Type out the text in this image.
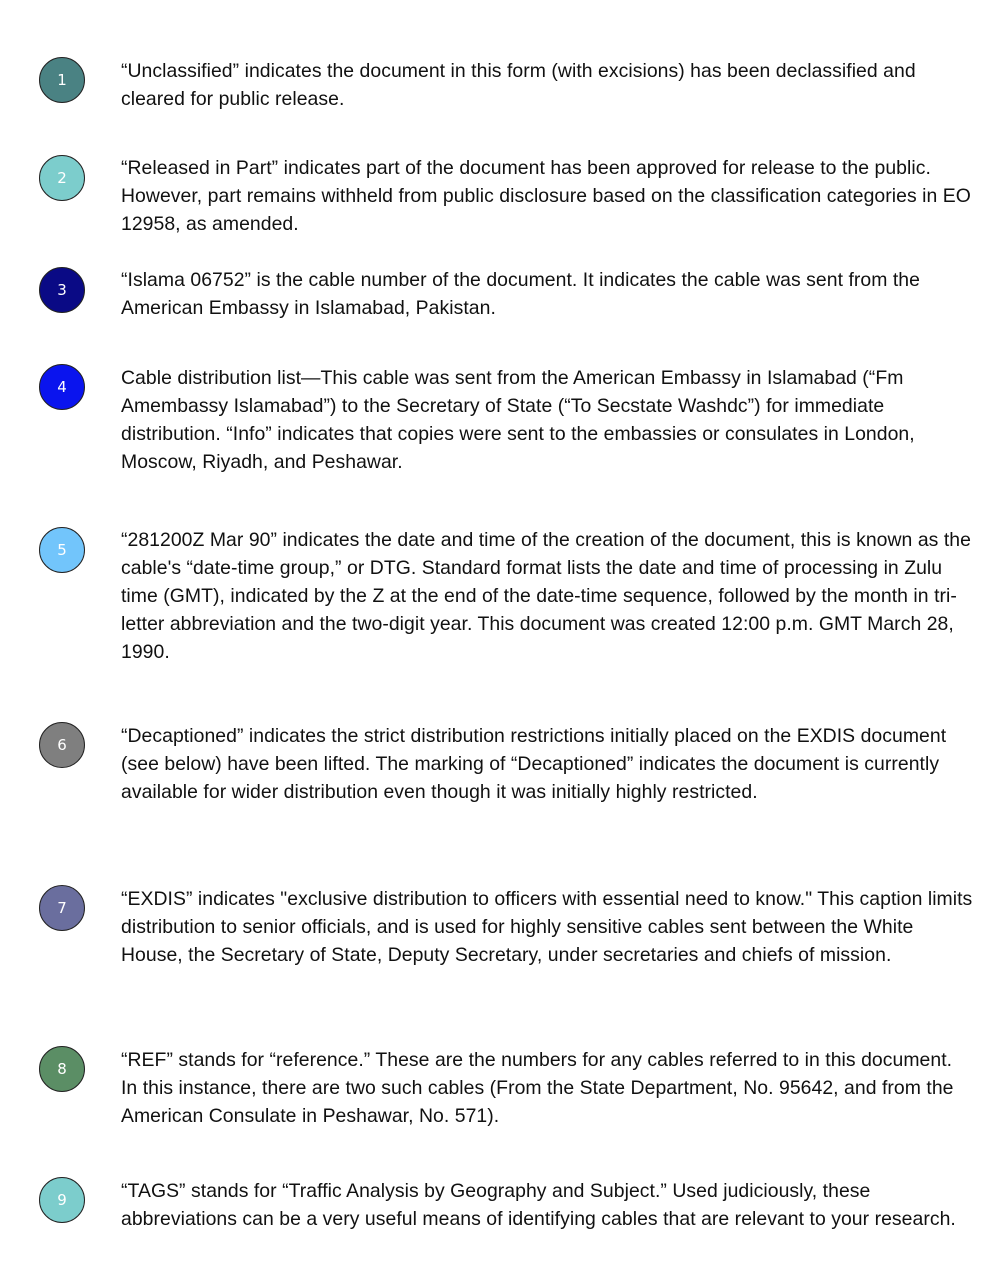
1	“Unclassified” indicates the document in this form (with excisions) has been declassified and cleared for public release.

2	“Released in Part” indicates part of the document has been approved for release to the public. However, part remains withheld from public disclosure based on the classification categories in EO 12958, as amended.

3	“Islama 06752” is the cable number of the document. It indicates the cable was sent from the American Embassy in Islamabad, Pakistan.

4	Cable distribution list—This cable was sent from the American Embassy in Islamabad (“Fm Amembassy Islamabad”) to the Secretary of State (“To Secstate Washdc”) for immediate distribution. “Info” indicates that copies were sent to the embassies or consulates in London, Moscow, Riyadh, and Peshawar.

5	“281200Z Mar 90” indicates the date and time of the creation of the document, this is known as the cable's “date-time group,” or DTG. Standard format lists the date and time of processing in Zulu time (GMT), indicated by the Z at the end of the date-time sequence, followed by the month in tri-letter abbreviation and the two-digit year. This document was created 12:00 p.m. GMT March 28, 1990.

6	“Decaptioned” indicates the strict distribution restrictions initially placed on the EXDIS document (see below) have been lifted. The marking of “Decaptioned” indicates the document is currently available for wider distribution even though it was initially highly restricted.

7	“EXDIS” indicates "exclusive distribution to officers with essential need to know." This caption limits distribution to senior officials, and is used for highly sensitive cables sent between the White House, the Secretary of State, Deputy Secretary, under secretaries and chiefs of mission.

8	“REF” stands for “reference.” These are the numbers for any cables referred to in this document. In this instance, there are two such cables (From the State Department, No. 95642, and from the American Consulate in Peshawar, No. 571).

9	“TAGS” stands for “Traffic Analysis by Geography and Subject.” Used judiciously, these abbreviations can be a very useful means of identifying cables that are relevant to your research.
